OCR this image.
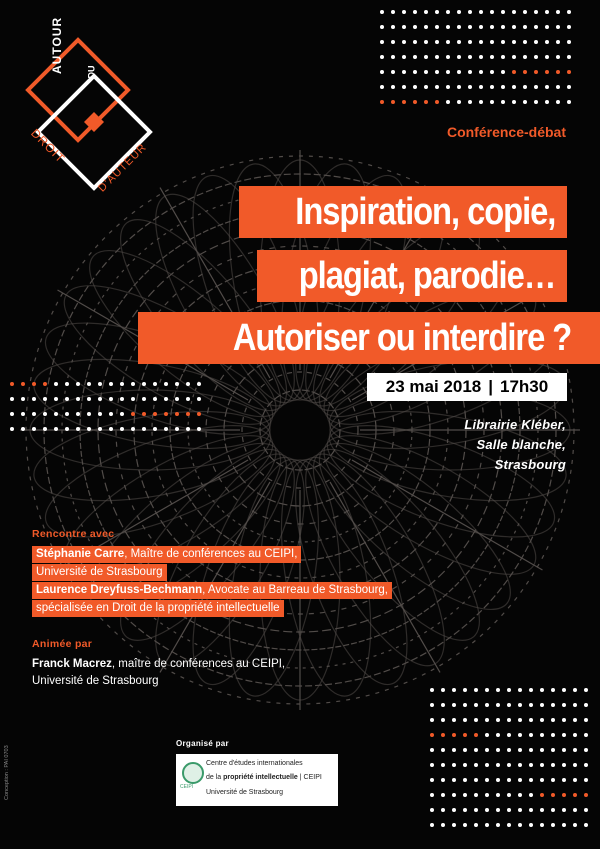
AUTOUR	DU
DROIT	D'AUTEUR
Conférence-débat
Inspiration, copie,
plagiat, parodie…
Autoriser ou interdire ?
23 mai 2018 | 17h30
Librairie Kléber,
Salle blanche,
Strasbourg
Rencontre avec
Stéphanie Carre, Maître de conférences au CEIPI,
Université de Strasbourg
Laurence Dreyfuss-Bechmann, Avocate au Barreau de Strasbourg,
spécialisée en Droit de la propriété intellectuelle
Animée par
Franck Macrez, maître de conférences au CEIPI,
Université de Strasbourg
Organisé par
CEIPI
Centre d'études internationales
de la propriété intellectuelle | CEIPI
Université de Strasbourg
Conception : PAI 0703
